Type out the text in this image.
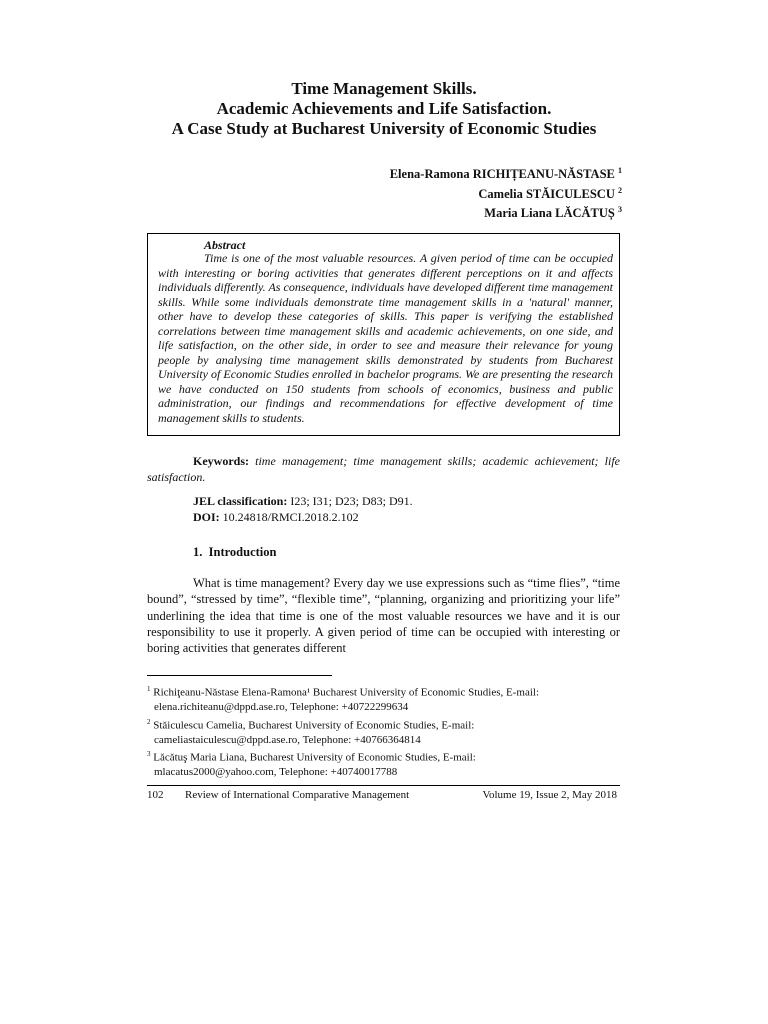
Time Management Skills.
Academic Achievements and Life Satisfaction.
A Case Study at Bucharest University of Economic Studies
Elena-Ramona RICHIȚEANU-NĂSTASE $^1$
Camelia STĂICULESCU $^2$
Maria Liana LĂCĂTUȘ $^3$
Abstract

Time is one of the most valuable resources. A given period of time can be occupied with interesting or boring activities that generates different perceptions on it and affects individuals differently. As consequence, individuals have developed different time management skills. While some individuals demonstrate time management skills in a 'natural' manner, other have to develop these categories of skills. This paper is verifying the established correlations between time management skills and academic achievements, on one side, and life satisfaction, on the other side, in order to see and measure their relevance for young people by analysing time management skills demonstrated by students from Bucharest University of Economic Studies enrolled in bachelor programs. We are presenting the research we have conducted on 150 students from schools of economics, business and public administration, our findings and recommendations for effective development of time management skills to students.

Keywords: time management; time management skills; academic achievement; life satisfaction.

JEL classification: I23; I31; D23; D83; D91.
DOI: 10.24818/RMCI.2018.2.102
1. Introduction

What is time management? Every day we use expressions such as “time flies”, “time bound”, “stressed by time”, “flexible time”, “planning, organizing and prioritizing your life” underlining the idea that time is one of the most valuable resources we have and it is our responsibility to use it properly. A given period of time can be occupied with interesting or boring activities that generates different

$^1$ Richiţeanu-Năstase Elena-Ramona¹ Bucharest University of Economic Studies, E-mail:
elena.richiteanu@dppd.ase.ro, Telephone: +40722299634

$^2$ Stăiculescu Camelia, Bucharest University of Economic Studies, E-mail:
cameliastaiculescu@dppd.ase.ro, Telephone: +40766364814

$^3$ Lăcătuş Maria Liana, Bucharest University of Economic Studies, E-mail:
mlacatus2000@yahoo.com, Telephone: +40740017788

102 Review of International Comparative Management	Volume 19, Issue 2, May 2018
